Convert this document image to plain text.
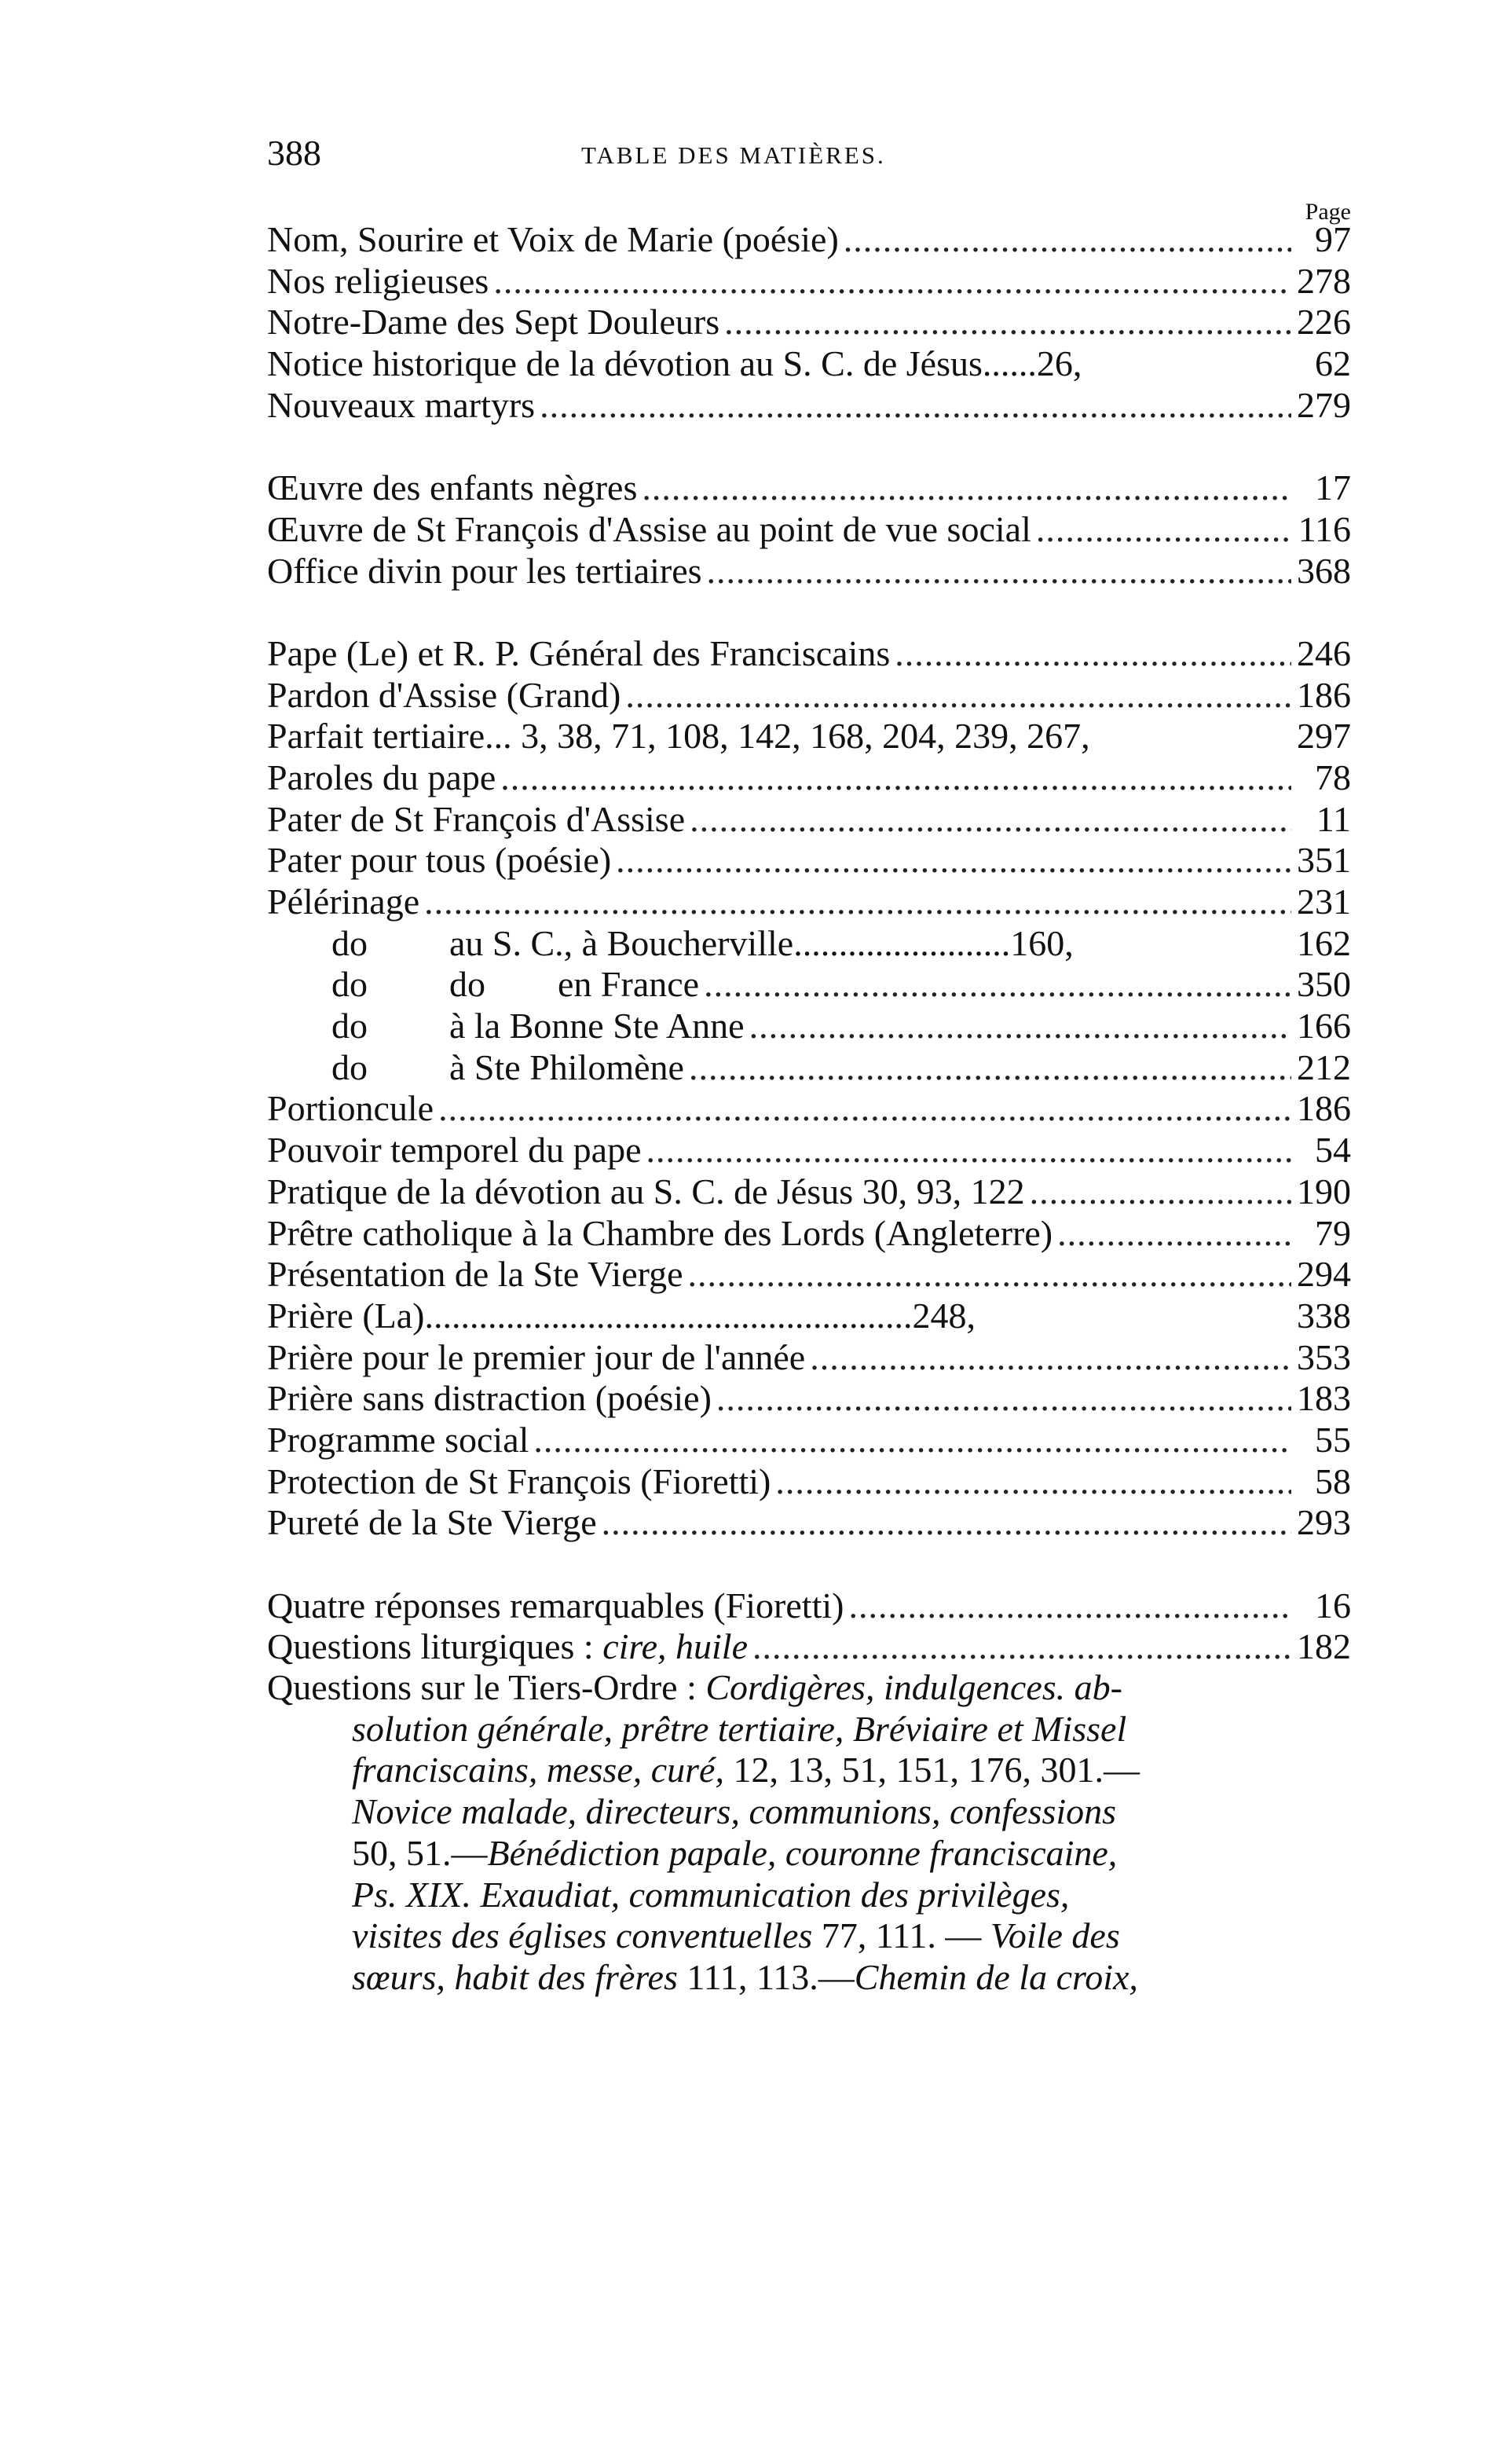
388	TABLE DES MATIÈRES.
Page
Nom, Sourire et Voix de Marie (poésie) .....	97
Nos religieuses .....	278
Notre-Dame des Sept Douleurs .....	226
Notice historique de la dévotion au S. C. de Jésus......26,	62
Nouveaux martyrs .....	279
Œuvre des enfants nègres .....	17
Œuvre de St François d'Assise au point de vue social .....	116
Office divin pour les tertiaires .....	368
Pape (Le) et R. P. Général des Franciscains .....	246
Pardon d'Assise (Grand) .....	186
Parfait tertiaire... 3, 38, 71, 108, 142, 168, 204, 239, 267,	297
Paroles du pape .....	78
Pater de St François d'Assise .....	11
Pater pour tous (poésie) .....	351
Pélérinage .....	231
do au S. C., à Boucherville........................160,	162
do do        en France .....	350
do à la Bonne Ste Anne .....	166
do à Ste Philomène .....	212
Portioncule .....	186
Pouvoir temporel du pape .....	54
Pratique de la dévotion au S. C. de Jésus 30, 93, 122 .....	190
Prêtre catholique à la Chambre des Lords (Angleterre) .....	79
Présentation de la Ste Vierge .....	294
Prière (La)......................................................248,	338
Prière pour le premier jour de l'année .....	353
Prière sans distraction (poésie) .....	183
Programme social .....	55
Protection de St François (Fioretti) .....	58
Pureté de la Ste Vierge .....	293
Quatre réponses remarquables (Fioretti) .....	16
Questions liturgiques : cire, huile .....	182
Questions sur le Tiers-Ordre : Cordigères, indulgences. ab-
solution générale, prêtre tertiaire, Bréviaire et Missel
franciscains, messe, curé, 12, 13, 51, 151, 176, 301.—
Novice malade, directeurs, communions, confessions
50, 51.—Bénédiction papale, couronne franciscaine,
Ps. XIX. Exaudiat, communication des privilèges,
visites des églises conventuelles 77, 111. — Voile des
sœurs, habit des frères 111, 113.—Chemin de la croix,
